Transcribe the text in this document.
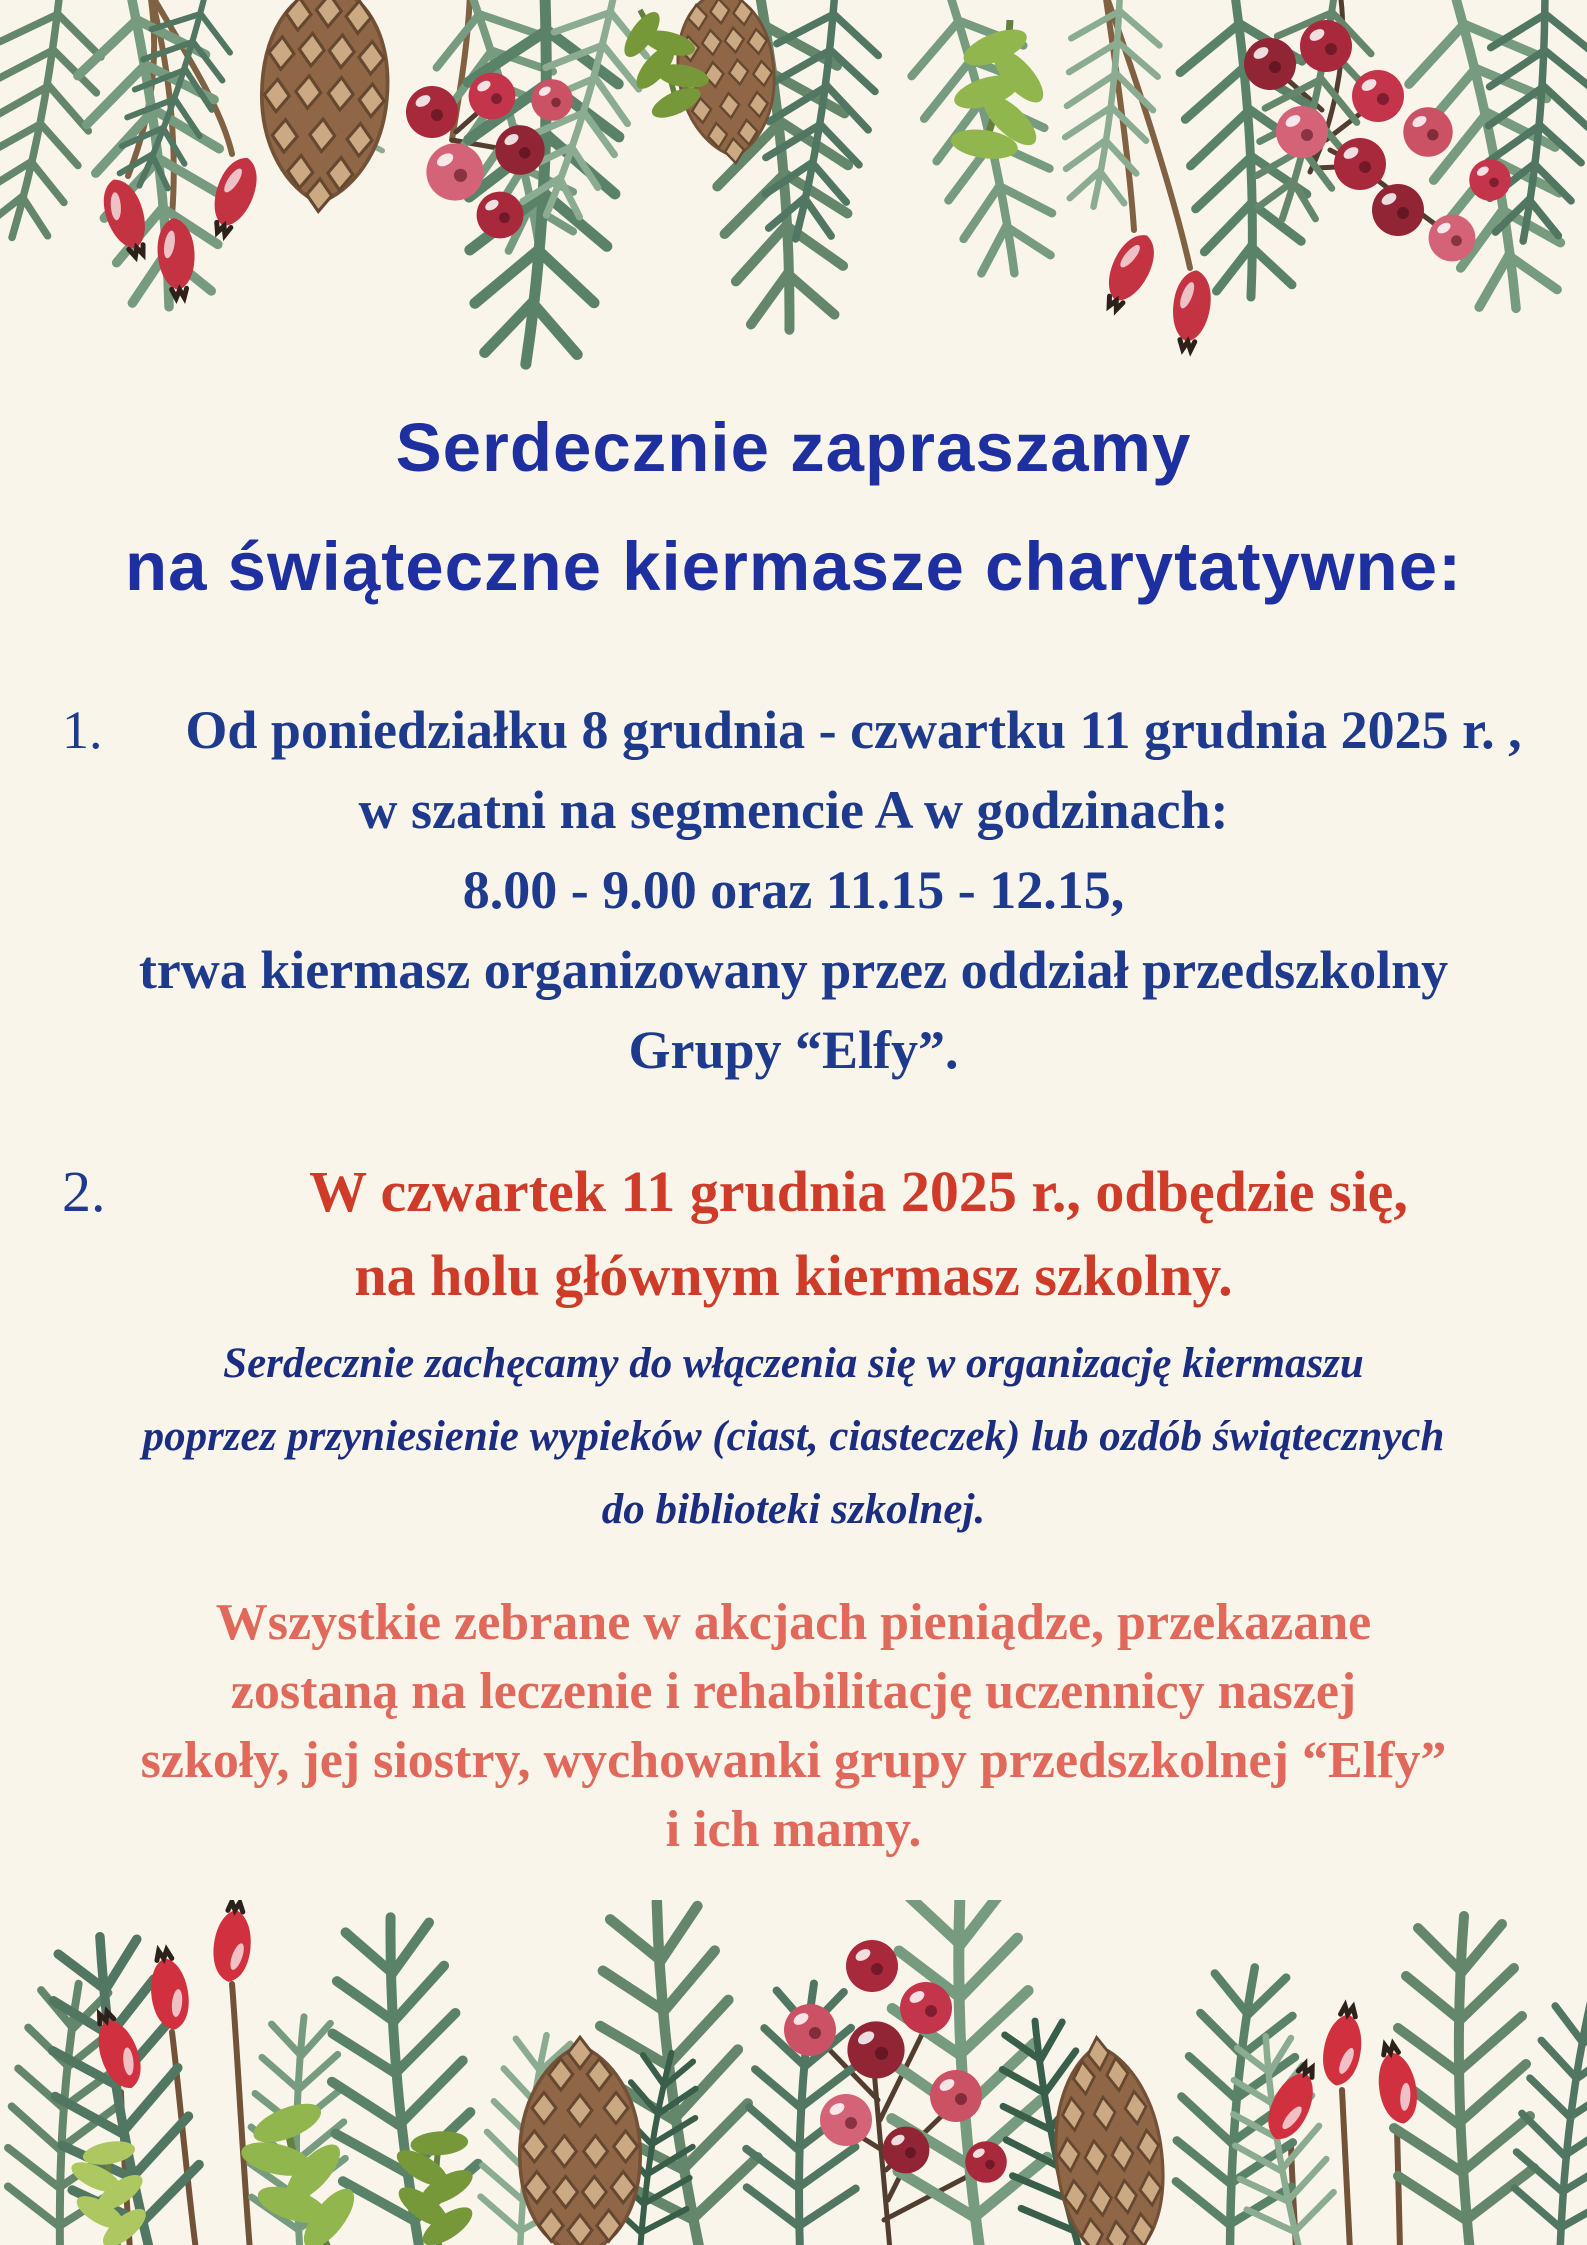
Serdecznie zapraszamy
na świąteczne kiermasze charytatywne:
1.	Od poniedziałku 8 grudnia - czwartku 11 grudnia 2025 r. ,
w szatni na segmencie A w godzinach:
8.00 - 9.00 oraz 11.15 - 12.15,
trwa kiermasz organizowany przez oddział przedszkolny
Grupy “Elfy”.
2.	W czwartek 11 grudnia 2025 r., odbędzie się,
na holu głównym kiermasz szkolny.
Serdecznie zachęcamy do włączenia się w organizację kiermaszu
poprzez przyniesienie wypieków (ciast, ciasteczek) lub ozdób świątecznych
do biblioteki szkolnej.
Wszystkie zebrane w akcjach pieniądze, przekazane
zostaną na leczenie i rehabilitację uczennicy naszej
szkoły, jej siostry, wychowanki grupy przedszkolnej “Elfy”
i ich mamy.
